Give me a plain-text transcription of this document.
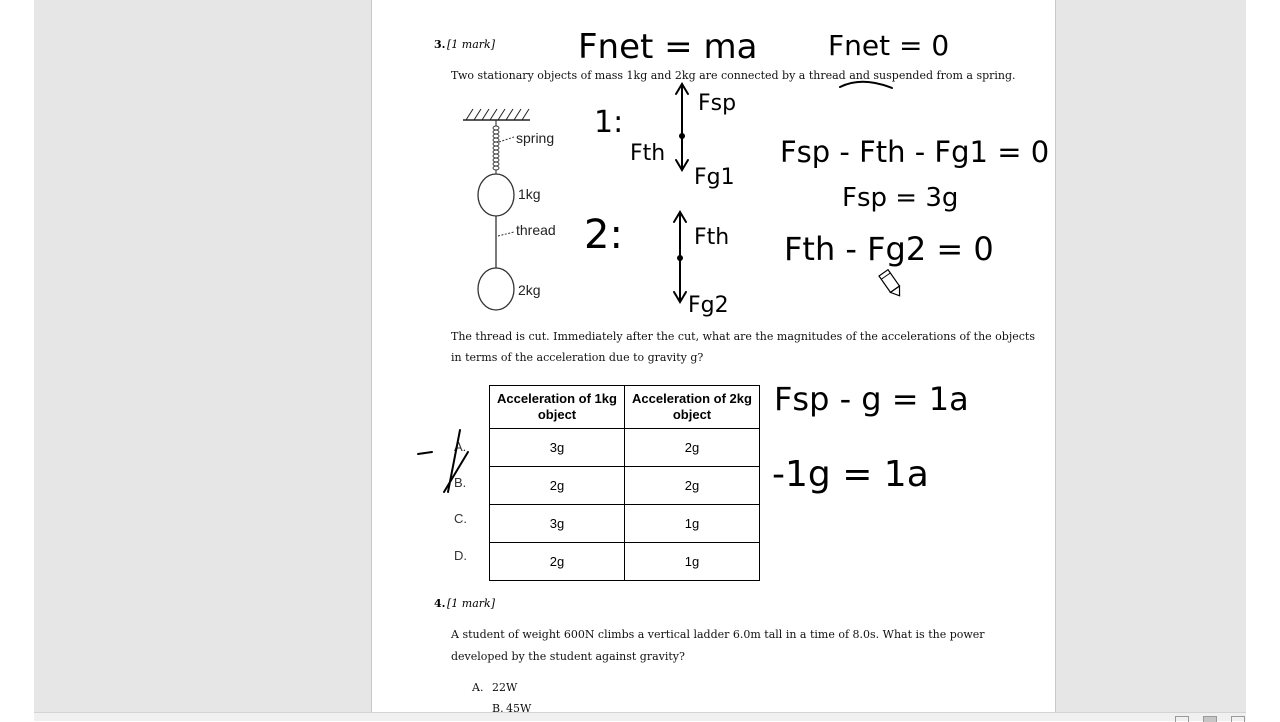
3. [1 mark]
Two stationary objects of mass 1kg and 2kg are connected by a thread and suspended from a spring.
spring
1kg
thread
2kg
The thread is cut. Immediately after the cut, what are the magnitudes of the accelerations of the objects
in terms of the acceleration due to gravity g?
Acceleration of 1kg object	Acceleration of 2kg object
3g	2g
2g	2g
3g	1g
2g	1g
A.
B.
C.
D.
4. [1 mark]
A student of weight 600N climbs a vertical ladder 6.0m tall in a time of 8.0s. What is the power
developed by the student against gravity?
A. 22W
B. 45W
Fnet = ma	Fnet = 0
1:
Fsp
Fth
Fg1
Fsp - Fth - Fg1 = 0
Fsp = 3g
2:	Fth
Fg2
Fth - Fg2 = 0
Fsp - g = 1a
-1g = 1a
